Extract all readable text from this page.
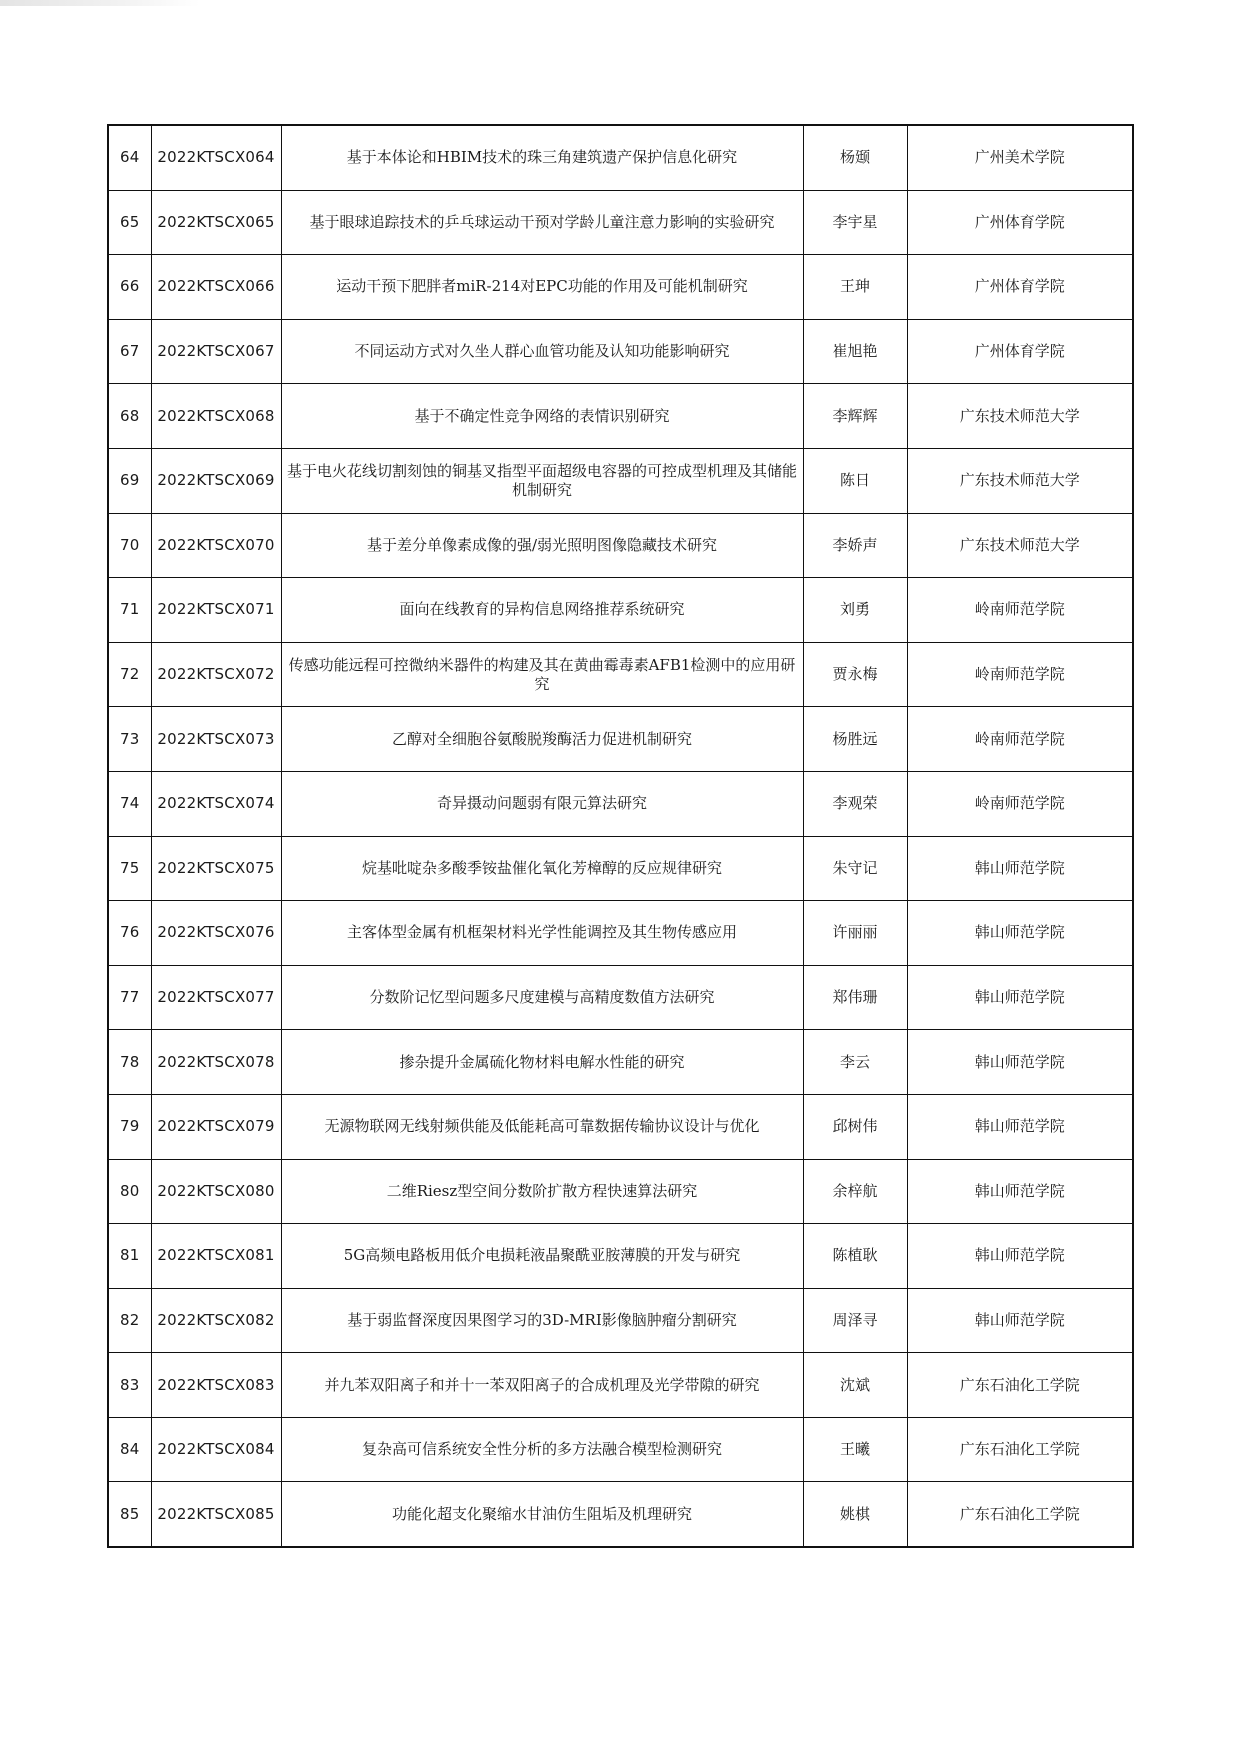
64	2022KTSCX064	基于本体论和HBIM技术的珠三角建筑遗产保护信息化研究	杨颋	广州美术学院
65	2022KTSCX065	基于眼球追踪技术的乒乓球运动干预对学龄儿童注意力影响的实验研究	李宇星	广州体育学院
66	2022KTSCX066	运动干预下肥胖者miR-214对EPC功能的作用及可能机制研究	王珅	广州体育学院
67	2022KTSCX067	不同运动方式对久坐人群心血管功能及认知功能影响研究	崔旭艳	广州体育学院
68	2022KTSCX068	基于不确定性竞争网络的表情识别研究	李辉辉	广东技术师范大学
69	2022KTSCX069	基于电火花线切割刻蚀的铜基叉指型平面超级电容器的可控成型机理及其储能机制研究	陈日	广东技术师范大学
70	2022KTSCX070	基于差分单像素成像的强/弱光照明图像隐藏技术研究	李娇声	广东技术师范大学
71	2022KTSCX071	面向在线教育的异构信息网络推荐系统研究	刘勇	岭南师范学院
72	2022KTSCX072	传感功能远程可控微纳米器件的构建及其在黄曲霉毒素AFB1检测中的应用研究	贾永梅	岭南师范学院
73	2022KTSCX073	乙醇对全细胞谷氨酸脱羧酶活力促进机制研究	杨胜远	岭南师范学院
74	2022KTSCX074	奇异摄动问题弱有限元算法研究	李观荣	岭南师范学院
75	2022KTSCX075	烷基吡啶杂多酸季铵盐催化氧化芳樟醇的反应规律研究	朱守记	韩山师范学院
76	2022KTSCX076	主客体型金属有机框架材料光学性能调控及其生物传感应用	许丽丽	韩山师范学院
77	2022KTSCX077	分数阶记忆型问题多尺度建模与高精度数值方法研究	郑伟珊	韩山师范学院
78	2022KTSCX078	掺杂提升金属硫化物材料电解水性能的研究	李云	韩山师范学院
79	2022KTSCX079	无源物联网无线射频供能及低能耗高可靠数据传输协议设计与优化	邱树伟	韩山师范学院
80	2022KTSCX080	二维Riesz型空间分数阶扩散方程快速算法研究	余梓航	韩山师范学院
81	2022KTSCX081	5G高频电路板用低介电损耗液晶聚酰亚胺薄膜的开发与研究	陈植耿	韩山师范学院
82	2022KTSCX082	基于弱监督深度因果图学习的3D-MRI影像脑肿瘤分割研究	周泽寻	韩山师范学院
83	2022KTSCX083	并九苯双阳离子和并十一苯双阳离子的合成机理及光学带隙的研究	沈斌	广东石油化工学院
84	2022KTSCX084	复杂高可信系统安全性分析的多方法融合模型检测研究	王曦	广东石油化工学院
85	2022KTSCX085	功能化超支化聚缩水甘油仿生阻垢及机理研究	姚棋	广东石油化工学院
